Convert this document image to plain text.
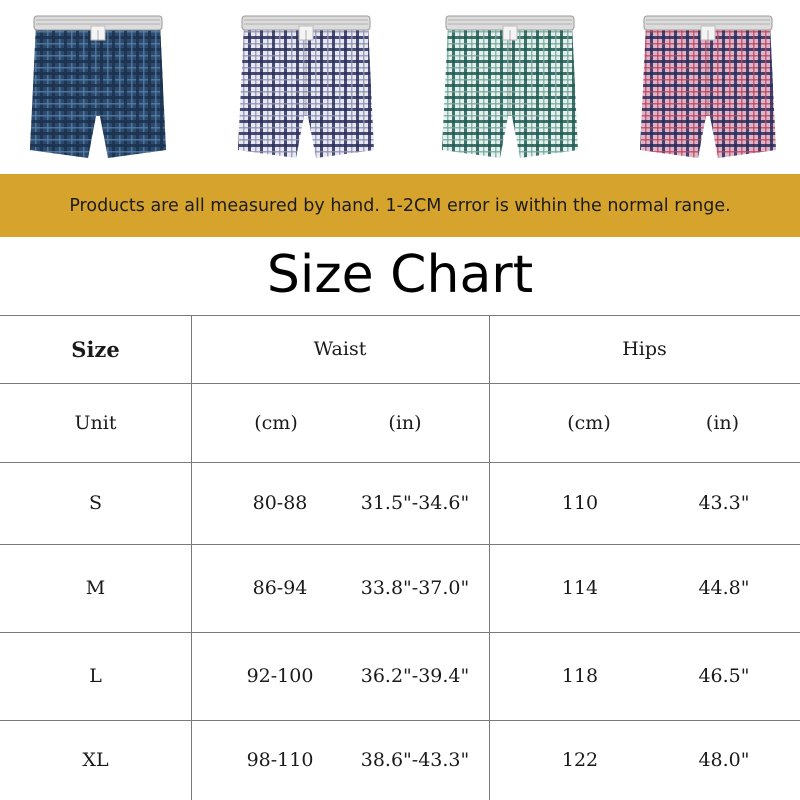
Products are all measured by hand. 1-2CM error is within the normal range.
Size Chart
Size	Waist	Hips
Unit	(cm)	(in)	(cm)	(in)
S	80-88	31.5"-34.6"	110	43.3"
M	86-94	33.8"-37.0"	114	44.8"
L	92-100	36.2"-39.4"	118	46.5"
XL	98-110	38.6"-43.3"	122	48.0"
